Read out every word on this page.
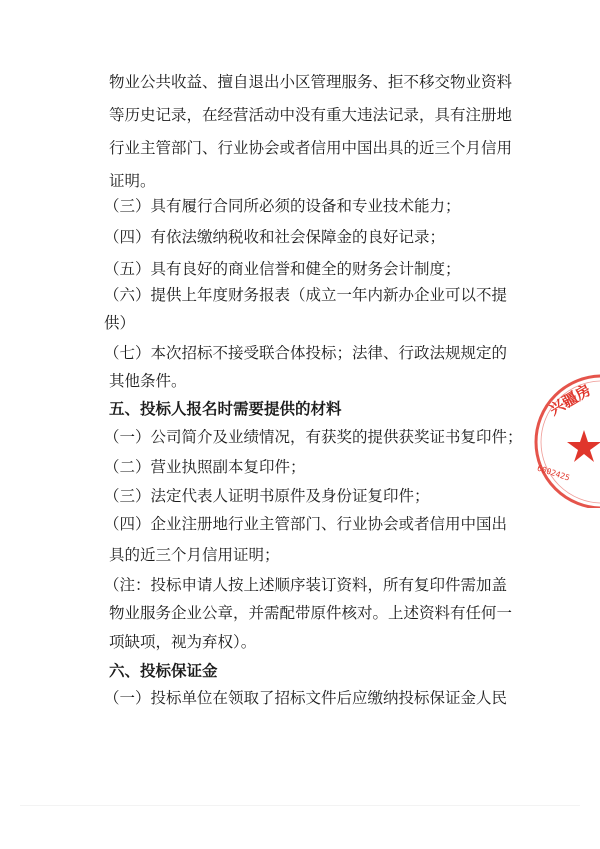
物业公共收益、擅自退出小区管理服务、拒不移交物业资料
等历史记录，在经营活动中没有重大违法记录，具有注册地
行业主管部门、行业协会或者信用中国出具的近三个月信用
证明。
（三）具有履行合同所必须的设备和专业技术能力；
（四）有依法缴纳税收和社会保障金的良好记录；
（五）具有良好的商业信誉和健全的财务会计制度；
（六）提供上年度财务报表（成立一年内新办企业可以不提
供）
（七）本次招标不接受联合体投标；法律、行政法规规定的
其他条件。
五、投标人报名时需要提供的材料
（一）公司简介及业绩情况，有获奖的提供获奖证书复印件；
（二）营业执照副本复印件；
（三）法定代表人证明书原件及身份证复印件；
（四）企业注册地行业主管部门、行业协会或者信用中国出
具的近三个月信用证明；
（注：投标申请人按上述顺序装订资料，所有复印件需加盖
物业服务企业公章，并需配带原件核对。上述资料有任何一
项缺项，视为弃权）。
六、投标保证金
（一）投标单位在领取了招标文件后应缴纳投标保证金人民
兴疆房
6002425
